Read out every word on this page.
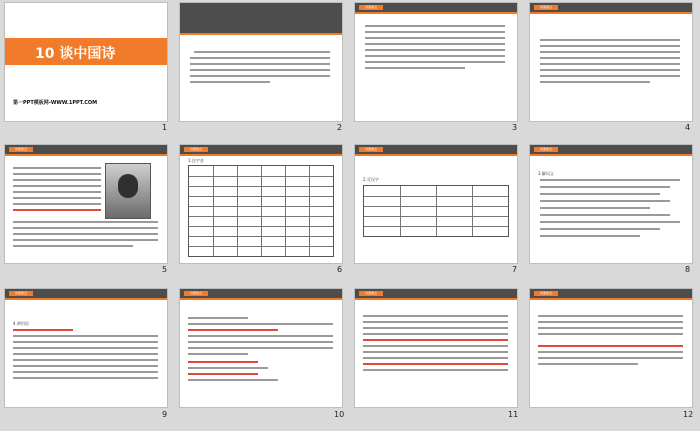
10 谈中国诗
第一PPT模板网-WWW.1PPT.COM
1	2
讲课重点
3
讲课重点
4
讲课重点
5
讲课重点
1.注字音
6
讲课重点
2.写汉字
7
讲课重点
3.解词义
8
讲课重点
4.辨用语
9
讲课重点
10
讲课重点
11
讲课重点
12
